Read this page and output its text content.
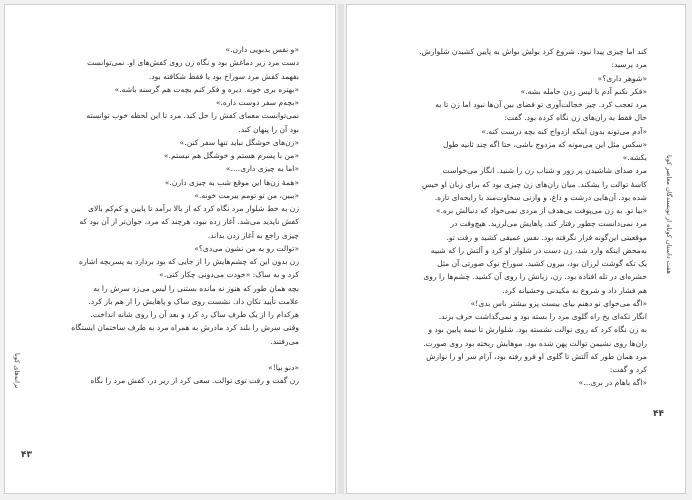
«و نفس بدبویی دارن.»
دست مرد زیر دماغش بود و نگاه زن روی کفش‌های او. نمی‌توانست
بفهمد کفش مرد سوراخ بود یا فقط شکافته بود.
«بهتره بری خونه. دیره و فکر کنم بچه‌ت هم گرسنه باشه.»
«بچه‌م سفر دوست داره.»
نمی‌توانست معمای کفش را حل کند. مرد تا این لحظه خوب توانسته
بود آن را پنهان کند.
«زن‌های خوشگل نباید تنها سفر کنن.»
«من با پسرم هستم و خوشگل هم نیستم.»
«اما یه چیزی داری....»
«همهٔ زن‌ها این موقع شب یه چیزی دارن.»
«ببین، من تو تومم بیرمت خونه.»
زن به خط شلوار مرد نگاه کرد که از بالا برآمد تا پایین و کم‌کم بالای
کفش ناپدید می‌شد. آغاز زده نبود، هرچند که مرد، جوان‌تر از آن بود که
چیزی راجع به آغاز زدن بداند.
«توالت رو به من نشون می‌دی؟»
زن بدون این که چشم‌هایش را از جایی که بود بردارد به پسربچه اشاره
کرد و به ساک: «خودت می‌دونی چکار کنی.»
بچه همان طور که هنوز نه مانده بستنی را لیس می‌زد سرش را به
علامت تأیید تکان داد. نشست روی ساک و پاهایش را از هم باز کرد.
هرکدام را از یک طرف ساک رد کرد و بعد آن را روی شانه انداخت.
وقتی سرش را بلند کرد مادرش به همراه مرد به طرف ساختمان ایستگاه
می‌رفتند.
«دنو بیا!»
زن گفت و رفت توی توالت. سعی کرد از زیر در، کفش مرد را نگاه
ترانه‌های کوبا
۴۳
کند اما چیزی پیدا نبود. شروع کرد بولش بواش به پایین کشیدن شلوارش.
مرد پرسید:
«شوهر داری؟»
«فکر نکنم آدم با لیس زدن حامله بشه.»
مرد تعجب کرد. چیز خجالت‌آوری تو فضای بین آن‌ها نبود اما زن تا به
حال فقط به ران‌های زن نگاه کرده بود. گفت:
«آدم می‌تونه بدون اینکه ازدواج کنه بچه درست کنه.»
«سکس مثل این می‌مونه که مزدوج باشی، حتا اگه چند ثانیه طول
بکشه.»
مرد صدای شاشیدن پر زور و شتاب زن را شنید. انگار می‌خواست
کاسهٔ توالت را بشکند. میان ران‌های زن چیزی بود که برای زبان او خیس
شده بود. آن‌هایی درشت و داغ، و وازنی سخاوت‌مند با رایحه‌ای تازه.
«بیا تو. به زن می‌پوفت بی‌هدف از مردی نمی‌خواد که دنبالش بره.»
مرد نمی‌دانست چطور رفتار کند. پاهایش می‌لرزید. هیچ‌وقت در
موقعیتی این‌گونه قرار نگرفته بود. نفس عمیقی کشید و رفت تو.
به‌محض اینکه وارد شد، زن دست در شلوار او کرد و آلتش را که شبیه
یک تکه گوشت لرزان بود، بیرون کشید. سوراخ نوک صورتی آن مثل
حشره‌ای در تله افتاده بود. زن، زبانش را روی آن کشید. چشم‌ها را روی
هم فشار داد و شروع به مکیدنی وحشیانه کرد.
«اگه می‌خوای تو دهنم بیای بیست پزو بیشتر باس بدی!»
انگار تکه‌ای یخ راه گلوی مرد را بسته بود و نمی‌گذاشت حرف بزند.
به زن نگاه کرد که روی توالت نشسته بود. شلوارش تا نیمه پایین بود و
ران‌ها روی نشیمن توالت پهن شده بود. موهایش ریخته بود روی صورت.
مرد همان طور که آلتش تا گلوی او فرو رفته بود، آرام سر او را نوازش
کرد و گفت:
«اگه باهام در بری...»
هفت داستان کوتاه از نویسندگان معاصر کوبا
۴۴
